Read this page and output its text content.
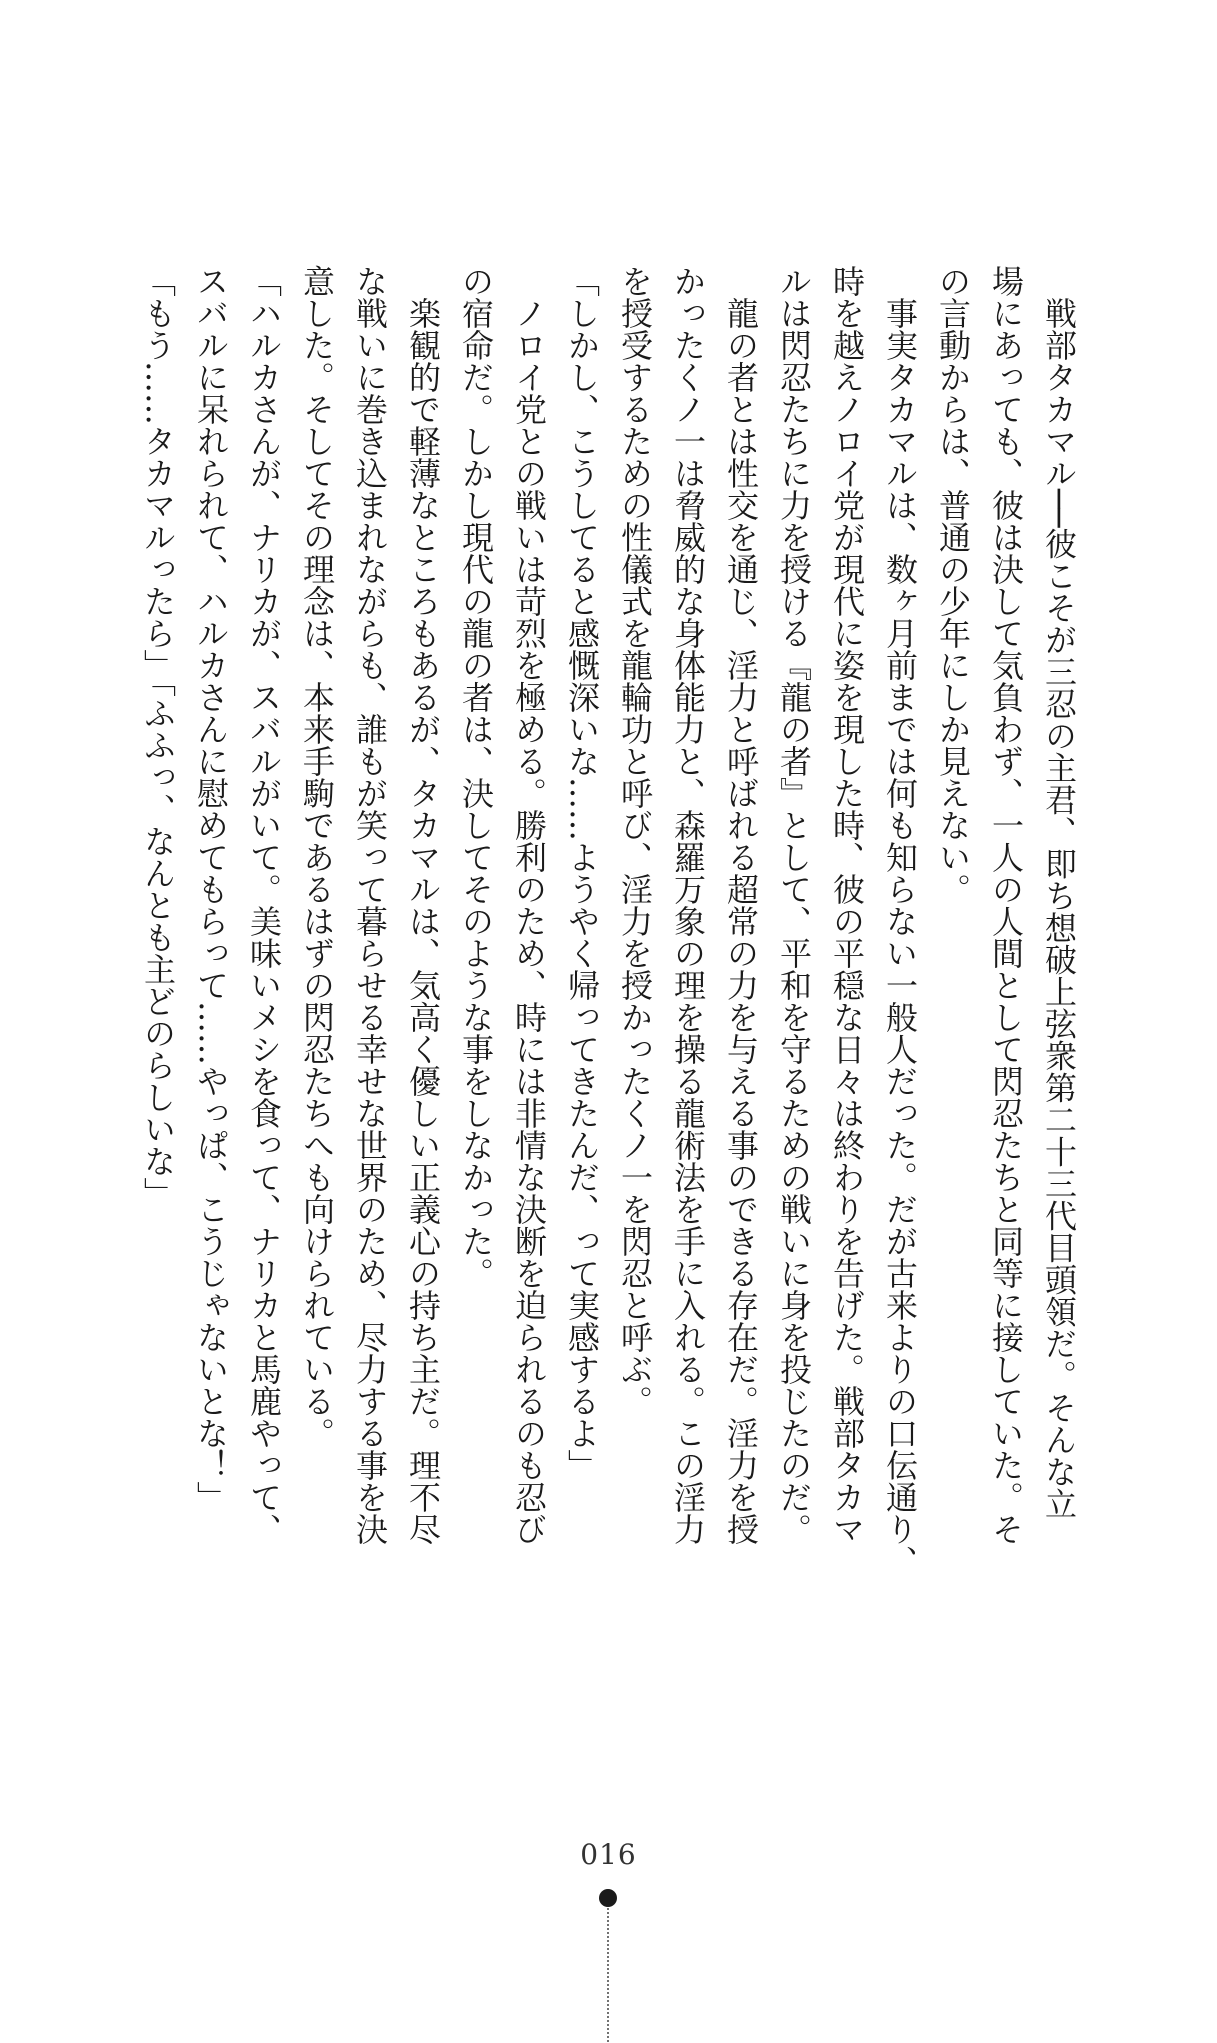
戦部タカマル──彼こそが三忍の主君、即ち想破上弦衆第二十三代目頭領だ。そんな立
場にあっても、彼は決して気負わず、一人の人間として閃忍たちと同等に接していた。そ
の言動からは、普通の少年にしか見えない。
事実タカマルは、数ヶ月前までは何も知らない一般人だった。だが古来よりの口伝通り、
時を越えノロイ党が現代に姿を現した時、彼の平穏な日々は終わりを告げた。戦部タカマ
ルは閃忍たちに力を授ける『龍の者』として、平和を守るための戦いに身を投じたのだ。
龍の者とは性交を通じ、淫力と呼ばれる超常の力を与える事のできる存在だ。淫力を授
かったくノ一は脅威的な身体能力と、森羅万象の理を操る龍術法を手に入れる。この淫力
を授受するための性儀式を龍輪功と呼び、淫力を授かったくノ一を閃忍と呼ぶ。
「しかし、こうしてると感慨深いな……ようやく帰ってきたんだ、って実感するよ」
ノロイ党との戦いは苛烈を極める。勝利のため、時には非情な決断を迫られるのも忍び
の宿命だ。しかし現代の龍の者は、決してそのような事をしなかった。
楽観的で軽薄なところもあるが、タカマルは、気高く優しい正義心の持ち主だ。理不尽
な戦いに巻き込まれながらも、誰もが笑って暮らせる幸せな世界のため、尽力する事を決
意した。そしてその理念は、本来手駒であるはずの閃忍たちへも向けられている。
「ハルカさんが、ナリカが、スバルがいて。美味いメシを食って、ナリカと馬鹿やって、
スバルに呆れられて、ハルカさんに慰めてもらって……やっぱ、こうじゃないとな！」
「もう……タカマルったら」「ふふっ、なんとも主どのらしいな」
016
